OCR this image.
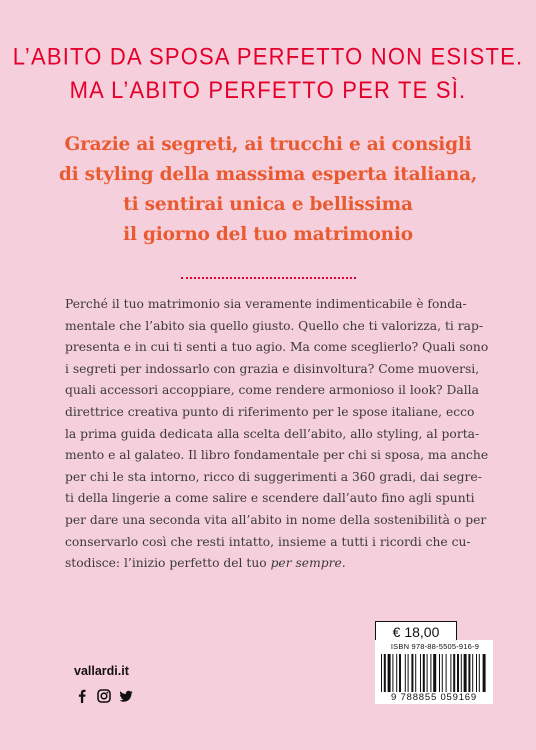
L’ABITO DA SPOSA PERFETTO NON ESISTE.
MA L’ABITO PERFETTO PER TE SÌ.
Grazie ai segreti, ai trucchi e ai consigli
di styling della massima esperta italiana,
ti sentirai unica e bellissima
il giorno del tuo matrimonio
Perché il tuo matrimonio sia veramente indimenticabile è fonda-
mentale che l’abito sia quello giusto. Quello che ti valorizza, ti rap-
presenta e in cui ti senti a tuo agio. Ma come sceglierlo? Quali sono
i segreti per indossarlo con grazia e disinvoltura? Come muoversi,
quali accessori accoppiare, come rendere armonioso il look? Dalla
direttrice creativa punto di riferimento per le spose italiane, ecco
la prima guida dedicata alla scelta dell’abito, allo styling, al porta-
mento e al galateo. Il libro fondamentale per chi si sposa, ma anche
per chi le sta intorno, ricco di suggerimenti a 360 gradi, dai segre-
ti della lingerie a come salire e scendere dall’auto fino agli spunti
per dare una seconda vita all’abito in nome della sostenibilità o per
conservarlo così che resti intatto, insieme a tutti i ricordi che cu-
stodisce: l’inizio perfetto del tuo per sempre.
€ 18,00
ISBN 978-88-5505-916-9
9 788855 059169
vallardi.it
